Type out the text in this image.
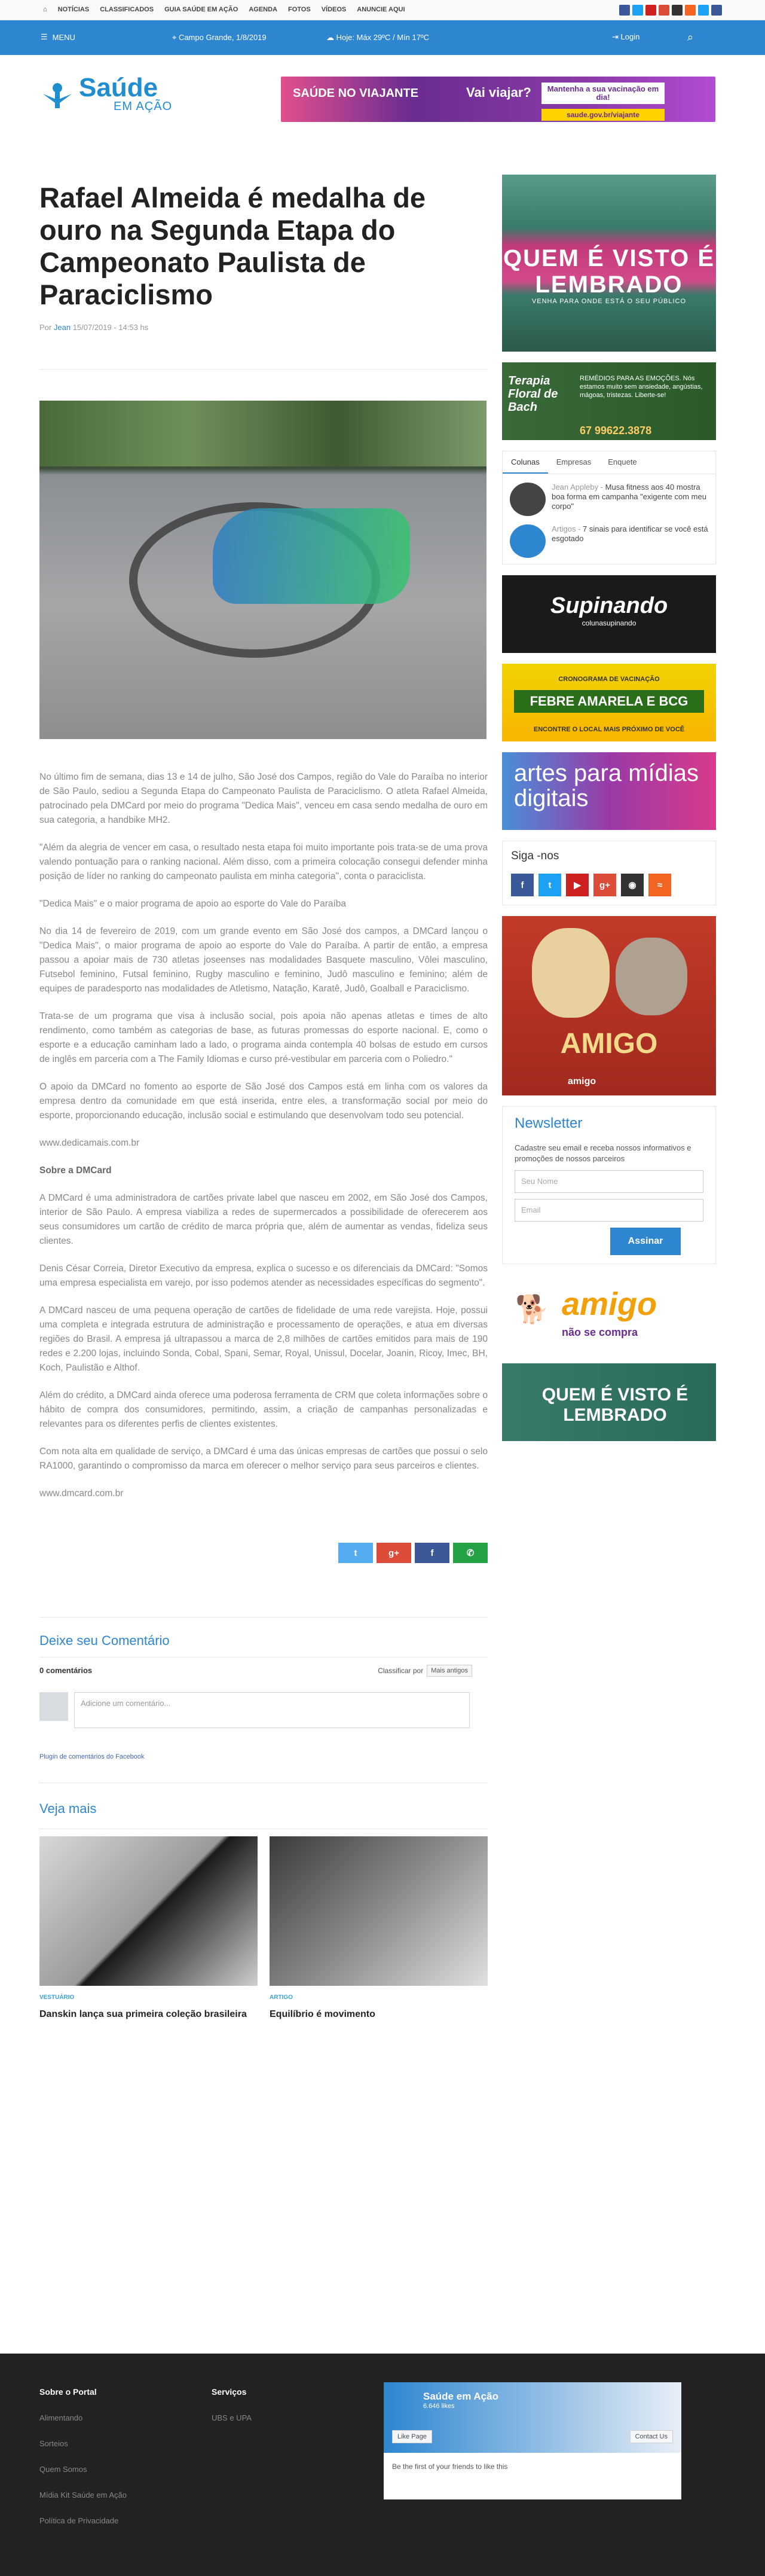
⌂ NOTÍCIAS CLASSIFICADOS GUIA SAÚDE EM AÇÃO AGENDA FOTOS VÍDEOS ANUNCIE AQUI
☰ MENU	⌖ Campo Grande, 1/8/2019	☁ Hoje: Máx 29ºC / Mín 17ºC	⇥ Login	⌕
Saúde
EM AÇÃO
SAÚDE NO VIAJANTE	Vai viajar?	Mantenha a sua vacinação em dia!
saude.gov.br/viajante
Rafael Almeida é medalha de ouro na Segunda Etapa do Campeonato Paulista de Paraciclismo
Por Jean 15/07/2019 - 14:53 hs

No último fim de semana, dias 13 e 14 de julho, São José dos Campos, região do Vale do Paraíba no interior de São Paulo, sediou a Segunda Etapa do Campeonato Paulista de Paraciclismo. O atleta Rafael Almeida, patrocinado pela DMCard por meio do programa "Dedica Mais", venceu em casa sendo medalha de ouro em sua categoria, a handbike MH2.

"Além da alegria de vencer em casa, o resultado nesta etapa foi muito importante pois trata-se de uma prova valendo pontuação para o ranking nacional. Além disso, com a primeira colocação consegui defender minha posição de líder no ranking do campeonato paulista em minha categoria", conta o paraciclista.

"Dedica Mais" e o maior programa de apoio ao esporte do Vale do Paraíba

No dia 14 de fevereiro de 2019, com um grande evento em São José dos campos, a DMCard lançou o "Dedica Mais", o maior programa de apoio ao esporte do Vale do Paraíba. A partir de então, a empresa passou a apoiar mais de 730 atletas joseenses nas modalidades Basquete masculino, Vôlei masculino, Futsebol feminino, Futsal feminino, Rugby masculino e feminino, Judô masculino e feminino; além de equipes de paradesporto nas modalidades de Atletismo, Natação, Karatê, Judô, Goalball e Paraciclismo.

Trata-se de um programa que visa à inclusão social, pois apoia não apenas atletas e times de alto rendimento, como também as categorias de base, as futuras promessas do esporte nacional. E, como o esporte e a educação caminham lado a lado, o programa ainda contempla 40 bolsas de estudo em cursos de inglês em parceria com a The Family Idiomas e curso pré-vestibular em parceria com o Poliedro."

O apoio da DMCard no fomento ao esporte de São José dos Campos está em linha com os valores da empresa dentro da comunidade em que está inserida, entre eles, a transformação social por meio do esporte, proporcionando educação, inclusão social e estimulando que desenvolvam todo seu potencial.

www.dedicamais.com.br

Sobre a DMCard

A DMCard é uma administradora de cartões private label que nasceu em 2002, em São José dos Campos, interior de São Paulo. A empresa viabiliza a redes de supermercados a possibilidade de oferecerem aos seus consumidores um cartão de crédito de marca própria que, além de aumentar as vendas, fideliza seus clientes.

Denis César Correia, Diretor Executivo da empresa, explica o sucesso e os diferenciais da DMCard: "Somos uma empresa especialista em varejo, por isso podemos atender as necessidades específicas do segmento".

A DMCard nasceu de uma pequena operação de cartões de fidelidade de uma rede varejista. Hoje, possui uma completa e integrada estrutura de administração e processamento de operações, e atua em diversas regiões do Brasil. A empresa já ultrapassou a marca de 2,8 milhões de cartões emitidos para mais de 190 redes e 2.200 lojas, incluindo Sonda, Cobal, Spani, Semar, Royal, Unissul, Docelar, Joanin, Ricoy, Imec, BH, Koch, Paulistão e Althof.

Além do crédito, a DMCard ainda oferece uma poderosa ferramenta de CRM que coleta informações sobre o hábito de compra dos consumidores, permitindo, assim, a criação de campanhas personalizadas e relevantes para os diferentes perfis de clientes existentes.

Com nota alta em qualidade de serviço, a DMCard é uma das únicas empresas de cartões que possui o selo RA1000, garantindo o compromisso da marca em oferecer o melhor serviço para seus parceiros e clientes.

www.dmcard.com.br

t	g+	f	✆
Deixe seu Comentário
0 comentários	Classificar por	Mais antigos
Adicione um comentário...
Plugin de comentários do Facebook
Veja mais
VESTUÁRIO
Danskin lança sua primeira coleção brasileira
ARTIGO
Equilíbrio é movimento
QUEM É VISTO É LEMBRADO
VENHA PARA ONDE ESTÁ O SEU PÚBLICO
Terapia Floral de Bach
REMÉDIOS PARA AS EMOÇÕES. Nós estamos muito sem ansiedade, angústias, mágoas, tristezas. Liberte-se!
67 99622.3878
Colunas	Empresas	Enquete
Jean Appleby - Musa fitness aos 40 mostra boa forma em campanha "exigente com meu corpo"
Artigos - 7 sinais para identificar se você está esgotado
Supinando
colunasupinando
CRONOGRAMA DE VACINAÇÃO
FEBRE AMARELA E BCG
ENCONTRE O LOCAL MAIS PRÓXIMO DE VOCÊ
artes para mídias digitais
Siga -nos
f	t	▶	g+	◉	≈
AMIGO
amigo
Newsletter
Cadastre seu email e receba nossos informativos e promoções de nossos parceiros
Seu Nome
Email
Assinar
🐕 amigo
não se compra
QUEM É VISTO É LEMBRADO
Sobre o Portal
Alimentando
Sorteios
Quem Somos
Mídia Kit Saúde em Ação
Política de Privacidade
Serviços
UBS e UPA
Saúde em Ação
6.646 likes
Like Page	Contact Us
Be the first of your friends to like this
